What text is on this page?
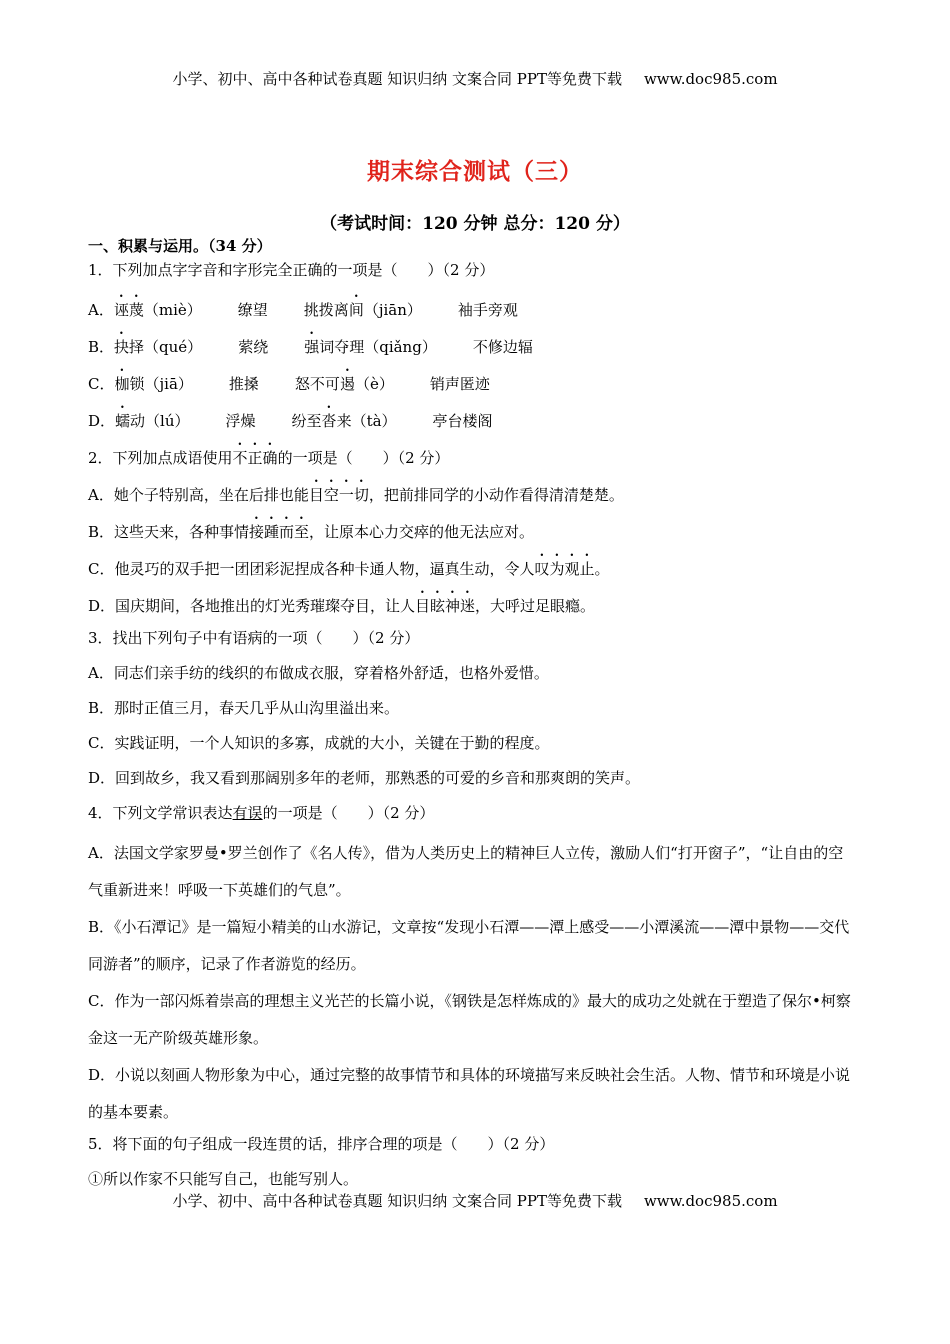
小学、初中、高中各种试卷真题 知识归纳 文案合同 PPT等免费下载 www.doc985.com
期末综合测试（三）
（考试时间：120 分钟 总分：120 分）
一、积累与运用。（34 分）
1．下列加点字字音和字形完全正确的一项是（　　）（2 分）
A．诬蔑（miè） 缭望 挑拨离间（jiān） 袖手旁观
B．抉择（qué） 萦绕 强词夺理（qiǎng） 不修边辐
C．枷锁（jiā） 推搡 怒不可遏（è） 销声匿迹
D．蠕动（lú） 浮燥 纷至沓来（tà） 亭台楼阁
2．下列加点成语使用不正确的一项是（　　）（2 分）
A．她个子特别高，坐在后排也能目空一切，把前排同学的小动作看得清清楚楚。
B．这些天来，各种事情接踵而至，让原本心力交瘁的他无法应对。
C．他灵巧的双手把一团团彩泥捏成各种卡通人物，逼真生动，令人叹为观止。
D．国庆期间，各地推出的灯光秀璀璨夺目，让人目眩神迷，大呼过足眼瘾。
3．找出下列句子中有语病的一项（　　）（2 分）
A．同志们亲手纺的线织的布做成衣服，穿着格外舒适，也格外爱惜。
B．那时正值三月，春天几乎从山沟里溢出来。
C．实践证明，一个人知识的多寡，成就的大小，关键在于勤的程度。
D．回到故乡，我又看到那阔别多年的老师，那熟悉的可爱的乡音和那爽朗的笑声。
4．下列文学常识表达有误的一项是（　　）（2 分）
A．法国文学家罗曼•罗兰创作了《名人传》，借为人类历史上的精神巨人立传，激励人们“打开窗子”，“让自由的空气重新进来！呼吸一下英雄们的气息”。
B．《小石潭记》是一篇短小精美的山水游记，文章按“发现小石潭——潭上感受——小潭溪流——潭中景物——交代同游者”的顺序，记录了作者游览的经历。
C．作为一部闪烁着崇高的理想主义光芒的长篇小说，《钢铁是怎样炼成的》最大的成功之处就在于塑造了保尔•柯察金这一无产阶级英雄形象。
D．小说以刻画人物形象为中心，通过完整的故事情节和具体的环境描写来反映社会生活。人物、情节和环境是小说的基本要素。
5．将下面的句子组成一段连贯的话，排序合理的项是（　　）（2 分）
①所以作家不只能写自己，也能写别人。
小学、初中、高中各种试卷真题 知识归纳 文案合同 PPT等免费下载 www.doc985.com
